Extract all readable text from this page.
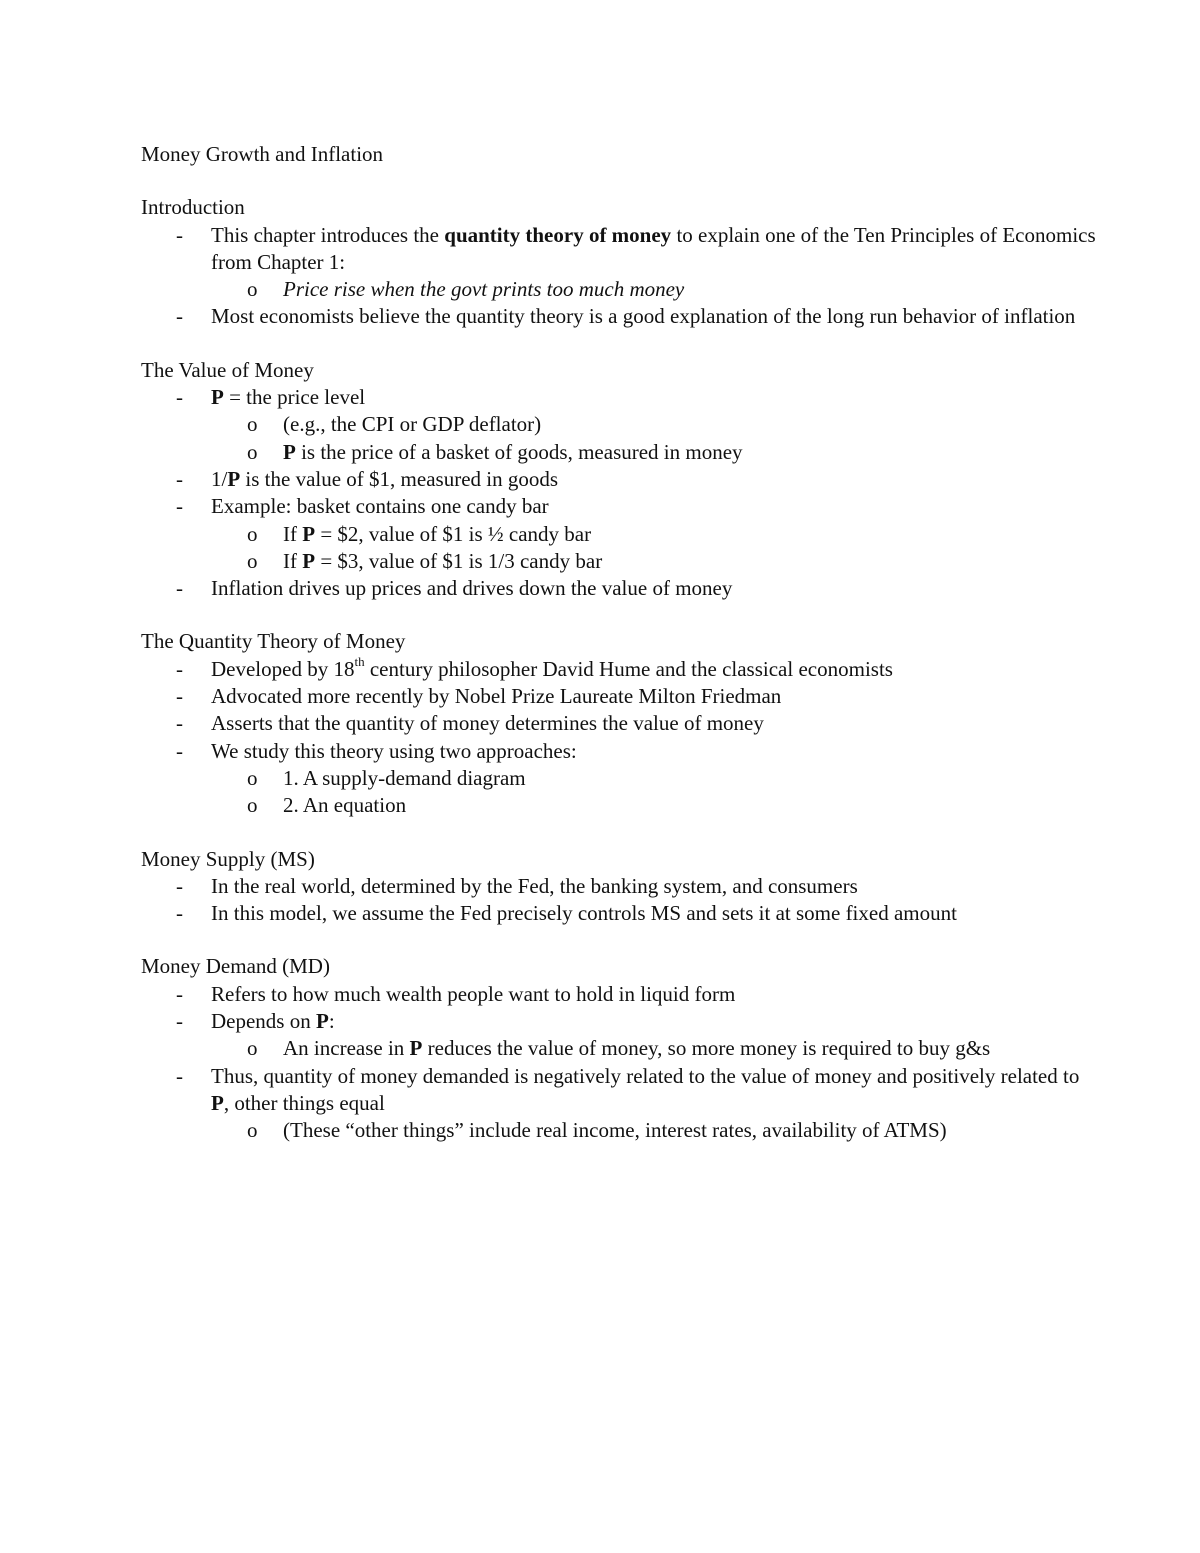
Money Growth and Inflation

Introduction

-	This chapter introduces the quantity theory of money to explain one of the Ten Principles of Economics from Chapter 1:

o	Price rise when the govt prints too much money

-	Most economists believe the quantity theory is a good explanation of the long run behavior of inflation

The Value of Money

-	P = the price level

o	(e.g., the CPI or GDP deflator)

o	P is the price of a basket of goods, measured in money

-	1/P is the value of $1, measured in goods

-	Example: basket contains one candy bar

o	If P = $2, value of $1 is ½ candy bar

o	If P = $3, value of $1 is 1/3 candy bar

-	Inflation drives up prices and drives down the value of money

The Quantity Theory of Money

-	Developed by 18th century philosopher David Hume and the classical economists

-	Advocated more recently by Nobel Prize Laureate Milton Friedman

-	Asserts that the quantity of money determines the value of money

-	We study this theory using two approaches:

o	1. A supply-demand diagram

o	2. An equation

Money Supply (MS)

-	In the real world, determined by the Fed, the banking system, and consumers

-	In this model, we assume the Fed precisely controls MS and sets it at some fixed amount

Money Demand (MD)

-	Refers to how much wealth people want to hold in liquid form

-	Depends on P:

o	An increase in P reduces the value of money, so more money is required to buy g&s

-	Thus, quantity of money demanded is negatively related to the value of money and positively related to P, other things equal

o	(These “other things” include real income, interest rates, availability of ATMS)
